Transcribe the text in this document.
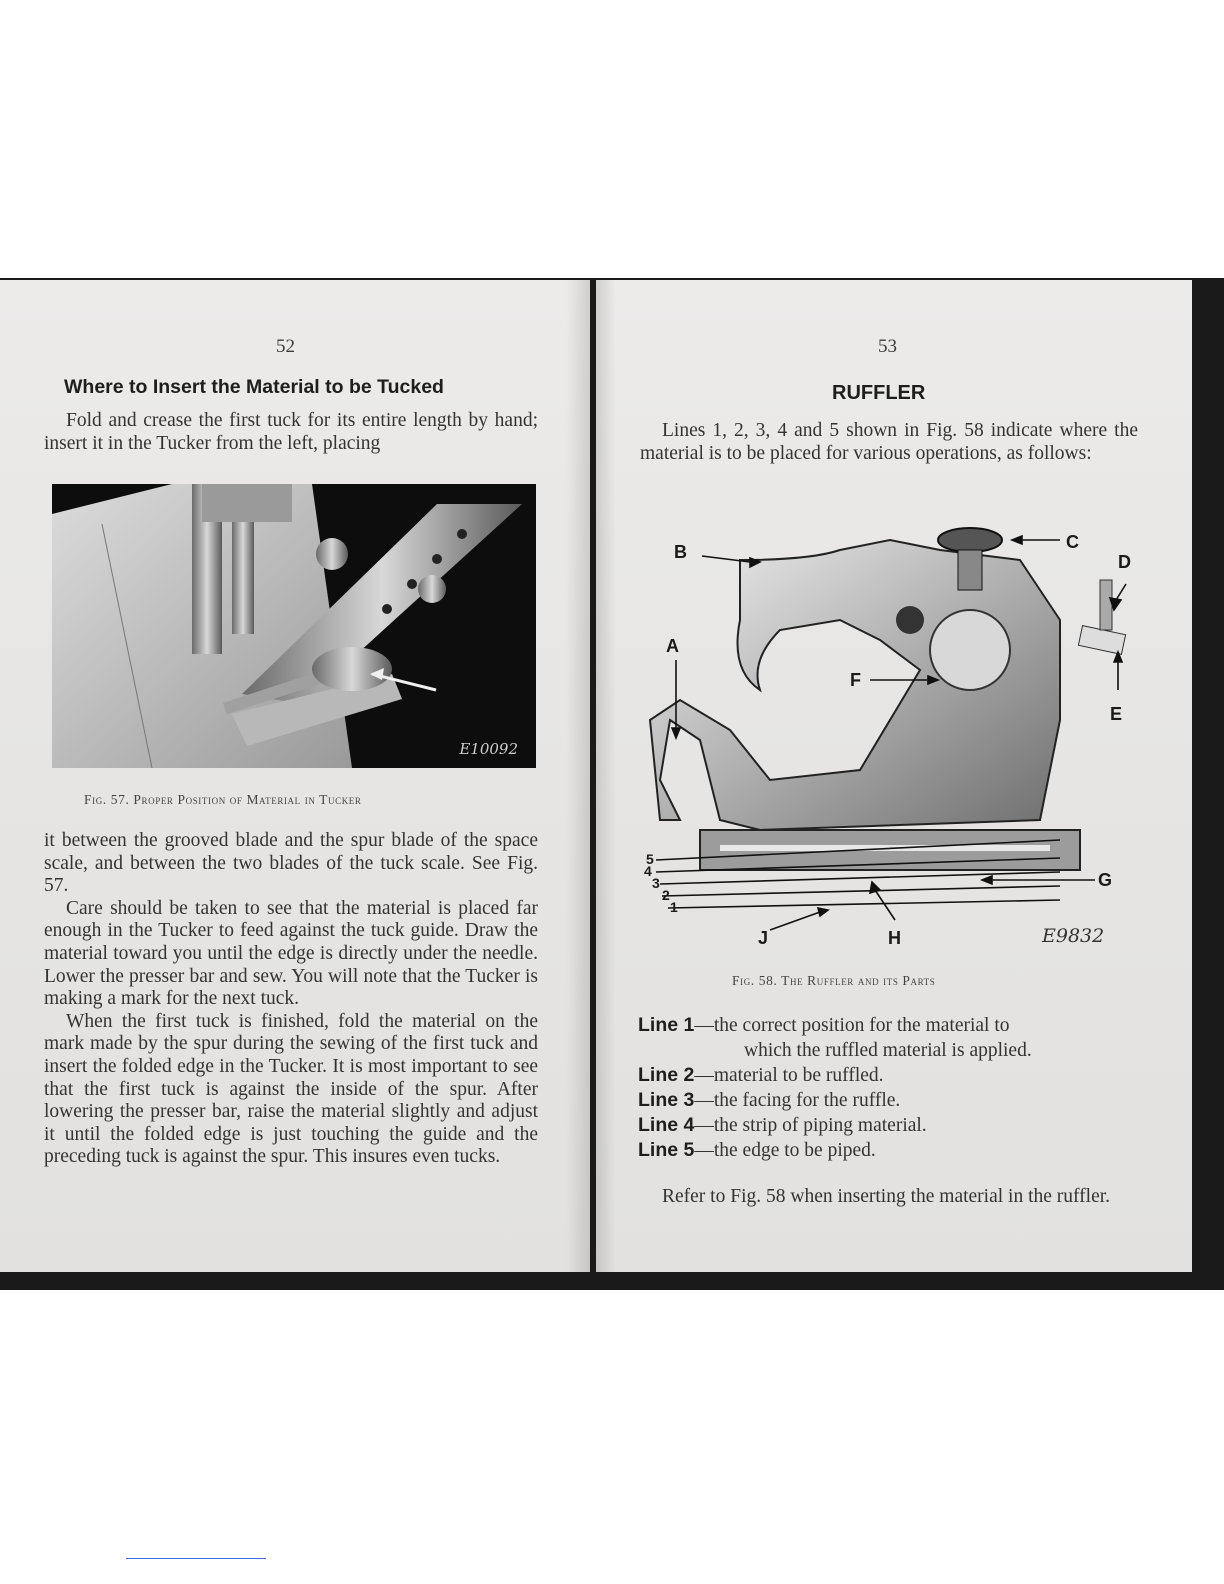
52
Where to Insert the Material to be Tucked
Fold and crease the first tuck for its entire length by hand; insert it in the Tucker from the left, placing
E10092
Fig. 57. Proper Position of Material in Tucker

it between the grooved blade and the spur blade of the space scale, and between the two blades of the tuck scale. See Fig. 57.

Care should be taken to see that the material is placed far enough in the Tucker to feed against the tuck guide. Draw the material toward you until the edge is directly under the needle. Lower the presser bar and sew. You will note that the Tucker is making a mark for the next tuck.

When the first tuck is finished, fold the material on the mark made by the spur during the sewing of the first tuck and insert the folded edge in the Tucker. It is most important to see that the first tuck is against the inside of the spur. After lowering the presser bar, raise the material slightly and adjust it until the folded edge is just touching the guide and the preceding tuck is against the spur. This insures even tucks.

53
RUFFLER
Lines 1, 2, 3, 4 and 5 shown in Fig. 58 indicate where the material is to be placed for various operations, as follows:
Fig. 58. The Ruffler and its Parts
Refer to Fig. 58 when inserting the material in the ruffler.
B	C
D
E
F
A
G
H
J
1
2
3
4
5
E9832
Line 1—the correct position for the material to
which the ruffled material is applied.
Line 2—material to be ruffled.
Line 3—the facing for the ruffle.
Line 4—the strip of piping material.
Line 5—the edge to be piped.
